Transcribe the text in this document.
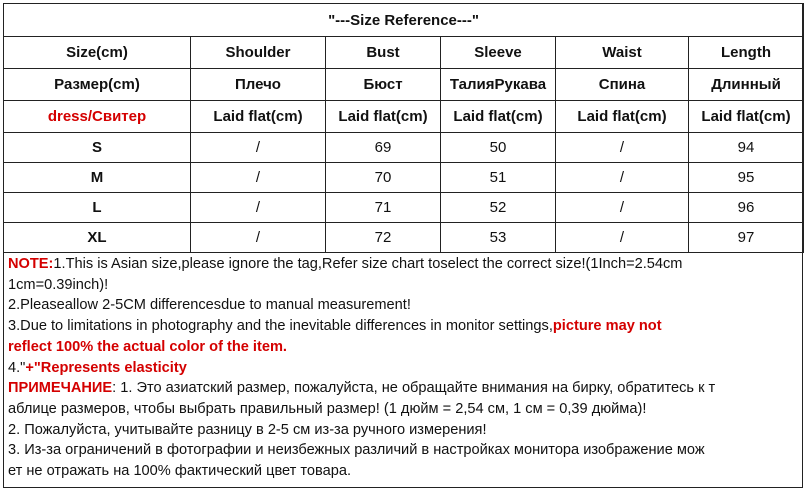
"---Size Reference---"					
Size(cm)	Shoulder	Bust	Sleeve	Waist	Length
Размер(cm)	Плечо	Бюст	ТалияРукава	Спина	Длинный
dress/Свитер	Laid flat(cm)	Laid flat(cm)	Laid flat(cm)	Laid flat(cm)	Laid flat(cm)
S	/	69	50	/	94
M	/	70	51	/	95
L	/	71	52	/	96
XL	/	72	53	/	97
NOTE:1.This is Asian size,please ignore the tag,Refer size chart toselect the correct size!(1Inch=2.54cm
1cm=0.39inch)!
2.Pleaseallow 2-5CM differencesdue to manual measurement!
3.Due to limitations in photography and the inevitable differences in monitor settings,picture may not
reflect 100% the actual color of the item.
4."+"Represents elasticity
ПРИМЕЧАНИЕ: 1. Это азиатский размер, пожалуйста, не обращайте внимания на бирку, обратитесь к т
аблице размеров, чтобы выбрать правильный размер! (1 дюйм = 2,54 см, 1 см = 0,39 дюйма)!
2. Пожалуйста, учитывайте разницу в 2-5 см из-за ручного измерения!
3. Из-за ограничений в фотографии и неизбежных различий в настройках монитора изображение мож
ет не отражать на 100% фактический цвет товара.
